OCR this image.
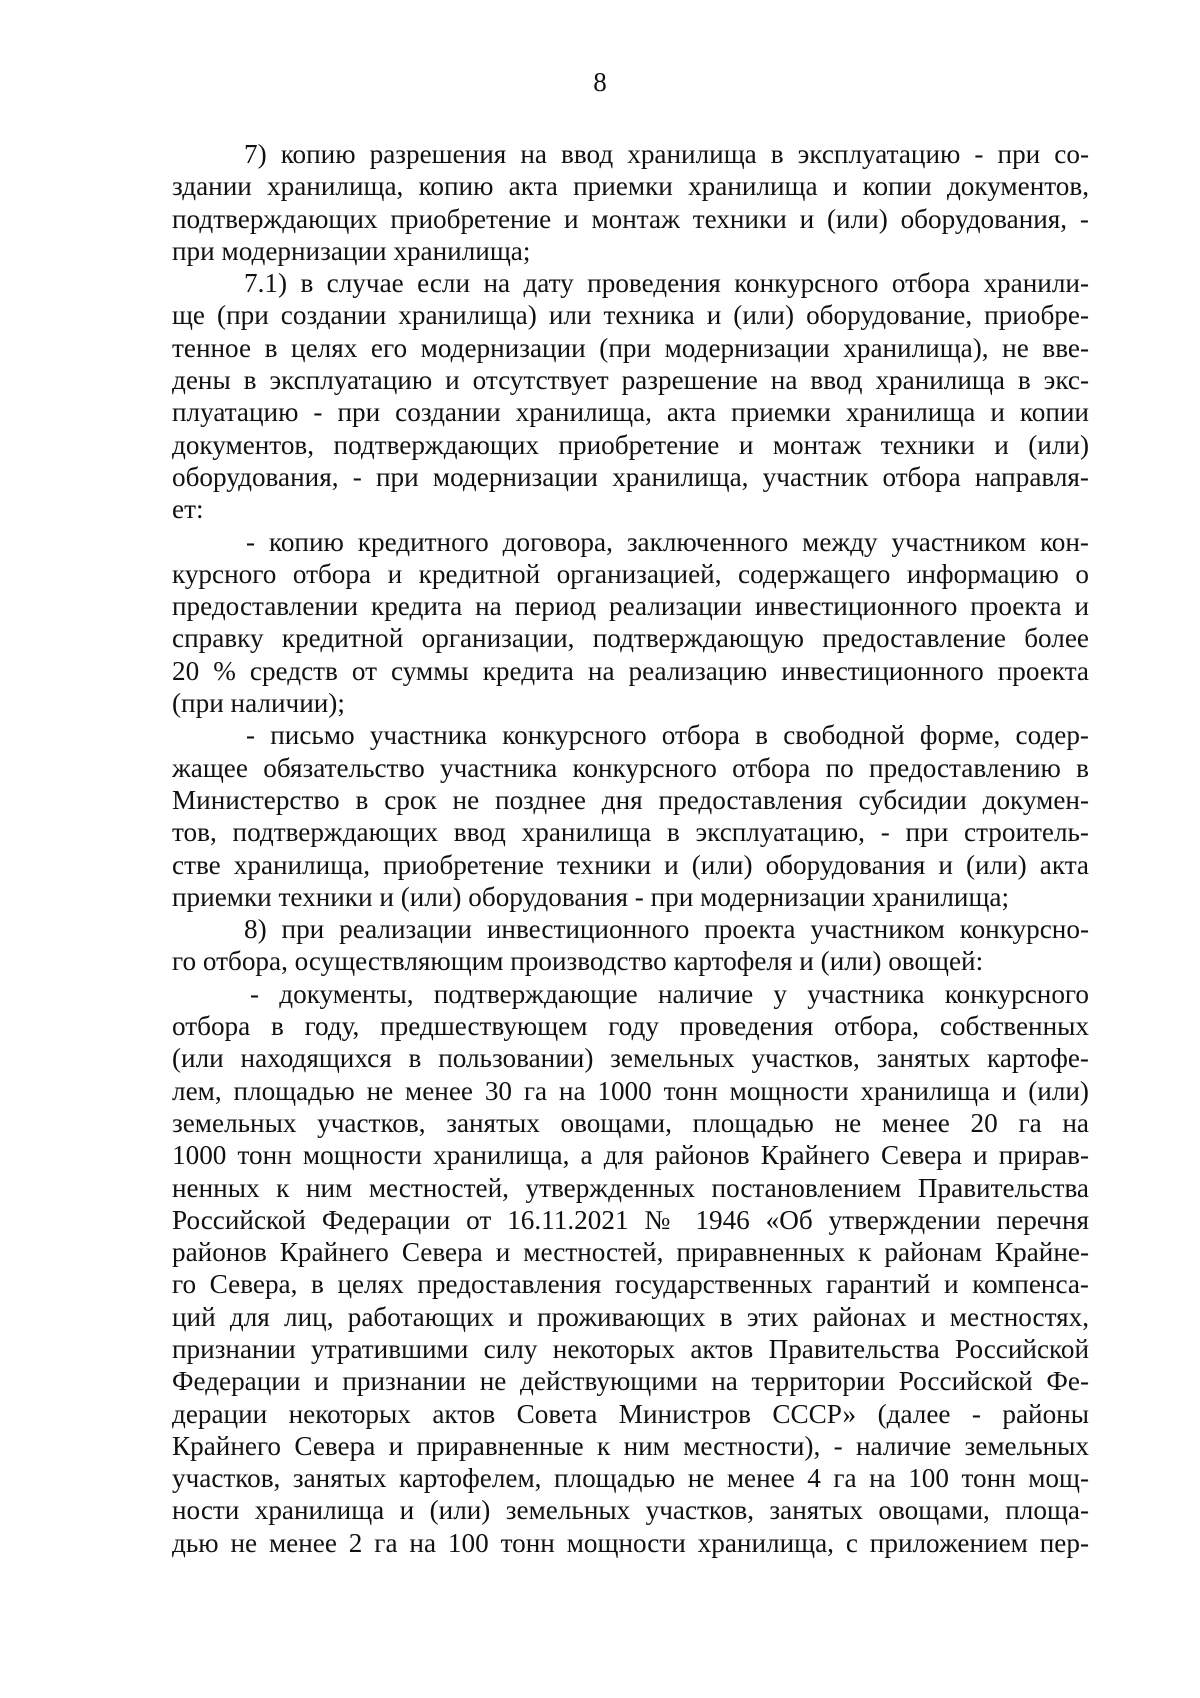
8
7) копию разрешения на ввод хранилища в эксплуатацию - при со-
здании хранилища, копию акта приемки хранилища и копии документов,
подтверждающих приобретение и монтаж техники и (или) оборудования, -
при модернизации хранилища;
7.1) в случае если на дату проведения конкурсного отбора хранили-
ще (при создании хранилища) или техника и (или) оборудование, приобре-
тенное в целях его модернизации (при модернизации хранилища), не вве-
дены в эксплуатацию и отсутствует разрешение на ввод хранилища в экс-
плуатацию - при создании хранилища, акта приемки хранилища и копии
документов, подтверждающих приобретение и монтаж техники и (или)
оборудования, - при модернизации хранилища, участник отбора направля-
ет:
- копию кредитного договора, заключенного между участником кон-
курсного отбора и кредитной организацией, содержащего информацию о
предоставлении кредита на период реализации инвестиционного проекта и
справку кредитной организации, подтверждающую предоставление более
20 % средств от суммы кредита на реализацию инвестиционного проекта
(при наличии);
- письмо участника конкурсного отбора в свободной форме, содер-
жащее обязательство участника конкурсного отбора по предоставлению в
Министерство в срок не позднее дня предоставления субсидии докумен-
тов, подтверждающих ввод хранилища в эксплуатацию, - при строитель-
стве хранилища, приобретение техники и (или) оборудования и (или) акта
приемки техники и (или) оборудования - при модернизации хранилища;
8) при реализации инвестиционного проекта участником конкурсно-
го отбора, осуществляющим производство картофеля и (или) овощей:
- документы, подтверждающие наличие у участника конкурсного
отбора в году, предшествующем году проведения отбора, собственных
(или находящихся в пользовании) земельных участков, занятых картофе-
лем, площадью не менее 30 га на 1000 тонн мощности хранилища и (или)
земельных участков, занятых овощами, площадью не менее 20 га на
1000 тонн мощности хранилища, а для районов Крайнего Севера и прирав-
ненных к ним местностей, утвержденных постановлением Правительства
Российской Федерации от 16.11.2021 № 1946 «Об утверждении перечня
районов Крайнего Севера и местностей, приравненных к районам Крайне-
го Севера, в целях предоставления государственных гарантий и компенса-
ций для лиц, работающих и проживающих в этих районах и местностях,
признании утратившими силу некоторых актов Правительства Российской
Федерации и признании не действующими на территории Российской Фе-
дерации некоторых актов Совета Министров СССР» (далее - районы
Крайнего Севера и приравненные к ним местности), - наличие земельных
участков, занятых картофелем, площадью не менее 4 га на 100 тонн мощ-
ности хранилища и (или) земельных участков, занятых овощами, площа-
дью не менее 2 га на 100 тонн мощности хранилища, с приложением пер-
